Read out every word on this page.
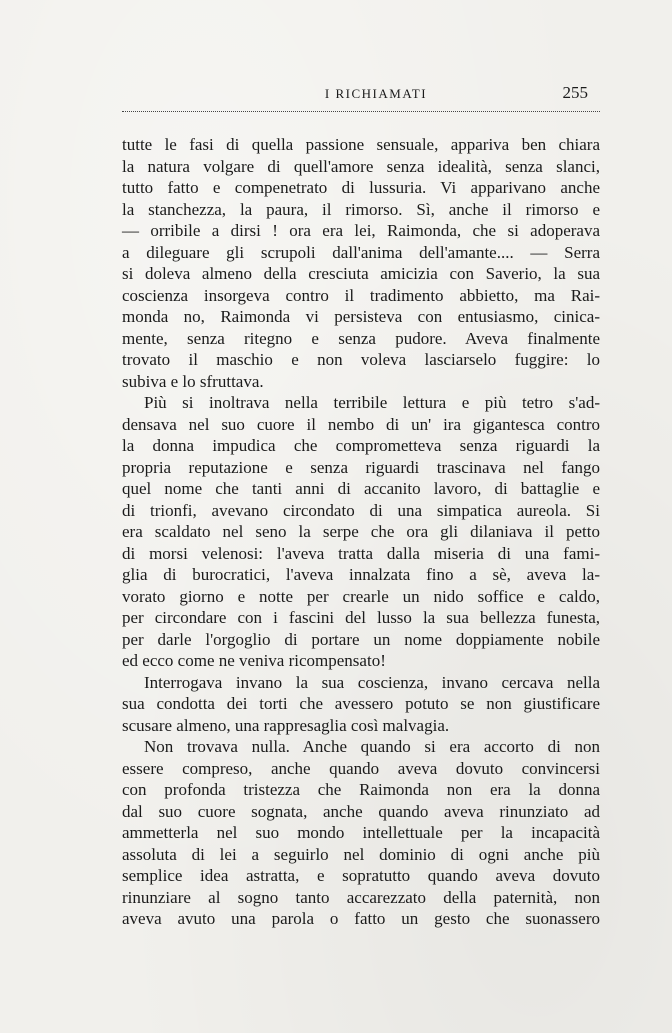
I RICHIAMATI	255
tutte le fasi di quella passione sensuale, appariva ben chiara
la natura volgare di quell'amore senza idealità, senza slanci,
tutto fatto e compenetrato di lussuria. Vi apparivano anche
la stanchezza, la paura, il rimorso. Sì, anche il rimorso e
— orribile a dirsi ! ora era lei, Raimonda, che si adoperava
a dileguare gli scrupoli dall'anima dell'amante.... — Serra
si doleva almeno della cresciuta amicizia con Saverio, la sua
coscienza insorgeva contro il tradimento abbietto, ma Rai-
monda no, Raimonda vi persisteva con entusiasmo, cinica-
mente, senza ritegno e senza pudore. Aveva finalmente
trovato il maschio e non voleva lasciarselo fuggire: lo
subiva e lo sfruttava.
Più si inoltrava nella terribile lettura e più tetro s'ad-
densava nel suo cuore il nembo di un' ira gigantesca contro
la donna impudica che comprometteva senza riguardi la
propria reputazione e senza riguardi trascinava nel fango
quel nome che tanti anni di accanito lavoro, di battaglie e
di trionfi, avevano circondato di una simpatica aureola. Si
era scaldato nel seno la serpe che ora gli dilaniava il petto
di morsi velenosi: l'aveva tratta dalla miseria di una fami-
glia di burocratici, l'aveva innalzata fino a sè, aveva la-
vorato giorno e notte per crearle un nido soffice e caldo,
per circondare con i fascini del lusso la sua bellezza funesta,
per darle l'orgoglio di portare un nome doppiamente nobile
ed ecco come ne veniva ricompensato!
Interrogava invano la sua coscienza, invano cercava nella
sua condotta dei torti che avessero potuto se non giustificare
scusare almeno, una rappresaglia così malvagia.
Non trovava nulla. Anche quando si era accorto di non
essere compreso, anche quando aveva dovuto convincersi
con profonda tristezza che Raimonda non era la donna
dal suo cuore sognata, anche quando aveva rinunziato ad
ammetterla nel suo mondo intellettuale per la incapacità
assoluta di lei a seguirlo nel dominio di ogni anche più
semplice idea astratta, e sopratutto quando aveva dovuto
rinunziare al sogno tanto accarezzato della paternità, non
aveva avuto una parola o fatto un gesto che suonassero
